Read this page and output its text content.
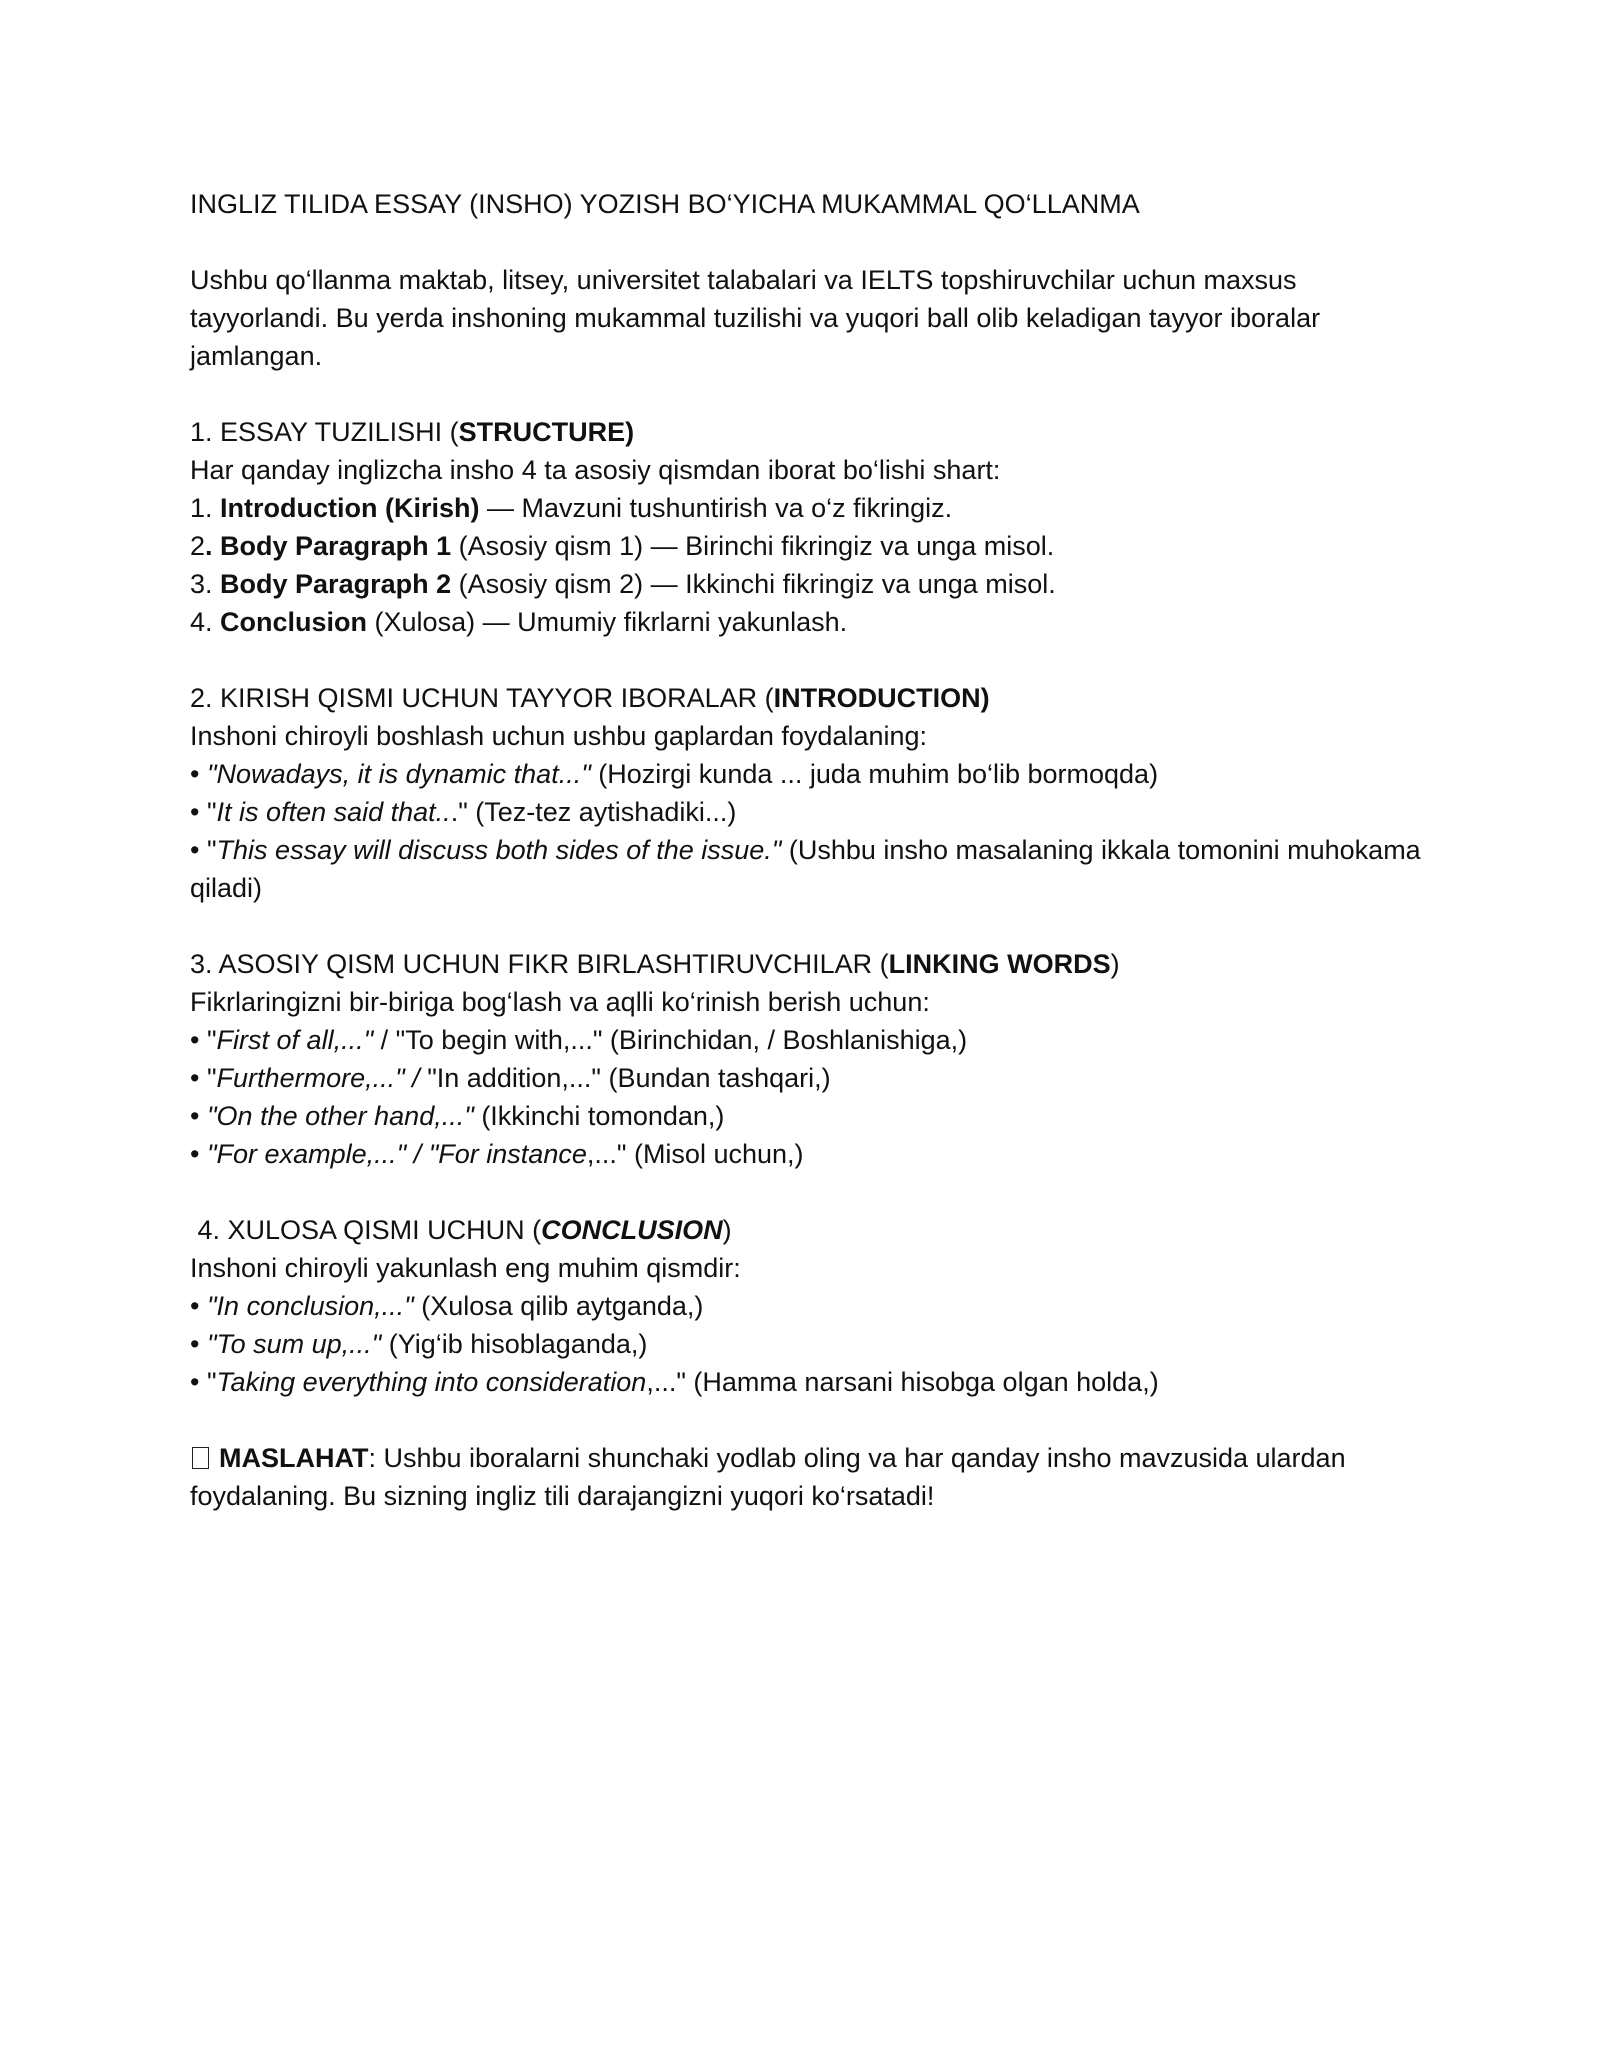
INGLIZ TILIDA ESSAY (INSHO) YOZISH BO‘YICHA MUKAMMAL QO‘LLANMA
Ushbu qo‘llanma maktab, litsey, universitet talabalari va IELTS topshiruvchilar uchun maxsus tayyorlandi. Bu yerda inshoning mukammal tuzilishi va yuqori ball olib keladigan tayyor iboralar jamlangan.
1. ESSAY TUZILISHI (STRUCTURE)
Har qanday inglizcha insho 4 ta asosiy qismdan iborat bo‘lishi shart:
1. Introduction (Kirish) — Mavzuni tushuntirish va o‘z fikringiz.
2. Body Paragraph 1 (Asosiy qism 1) — Birinchi fikringiz va unga misol.
3. Body Paragraph 2 (Asosiy qism 2) — Ikkinchi fikringiz va unga misol.
4. Conclusion (Xulosa) — Umumiy fikrlarni yakunlash.
2. KIRISH QISMI UCHUN TAYYOR IBORALAR (INTRODUCTION)
Inshoni chiroyli boshlash uchun ushbu gaplardan foydalaning:
• "Nowadays, it is dynamic that..." (Hozirgi kunda ... juda muhim bo‘lib bormoqda)
• "It is often said that..." (Tez-tez aytishadiki...)
• "This essay will discuss both sides of the issue." (Ushbu insho masalaning ikkala tomonini muhokama qiladi)
3. ASOSIY QISM UCHUN FIKR BIRLASHTIRUVCHILAR (LINKING WORDS)
Fikrlaringizni bir-biriga bog‘lash va aqlli ko‘rinish berish uchun:
• "First of all,..." / "To begin with,..." (Birinchidan, / Boshlanishiga,)
• "Furthermore,..." / "In addition,..." (Bundan tashqari,)
• "On the other hand,..." (Ikkinchi tomondan,)
• "For example,..." / "For instance,..." (Misol uchun,)
4. XULOSA QISMI UCHUN (CONCLUSION)
Inshoni chiroyli yakunlash eng muhim qismdir:
• "In conclusion,..." (Xulosa qilib aytganda,)
• "To sum up,..." (Yig‘ib hisoblaganda,)
• "Taking everything into consideration,..." (Hamma narsani hisobga olgan holda,)
MASLAHAT: Ushbu iboralarni shunchaki yodlab oling va har qanday insho mavzusida ulardan foydalaning. Bu sizning ingliz tili darajangizni yuqori ko‘rsatadi!
